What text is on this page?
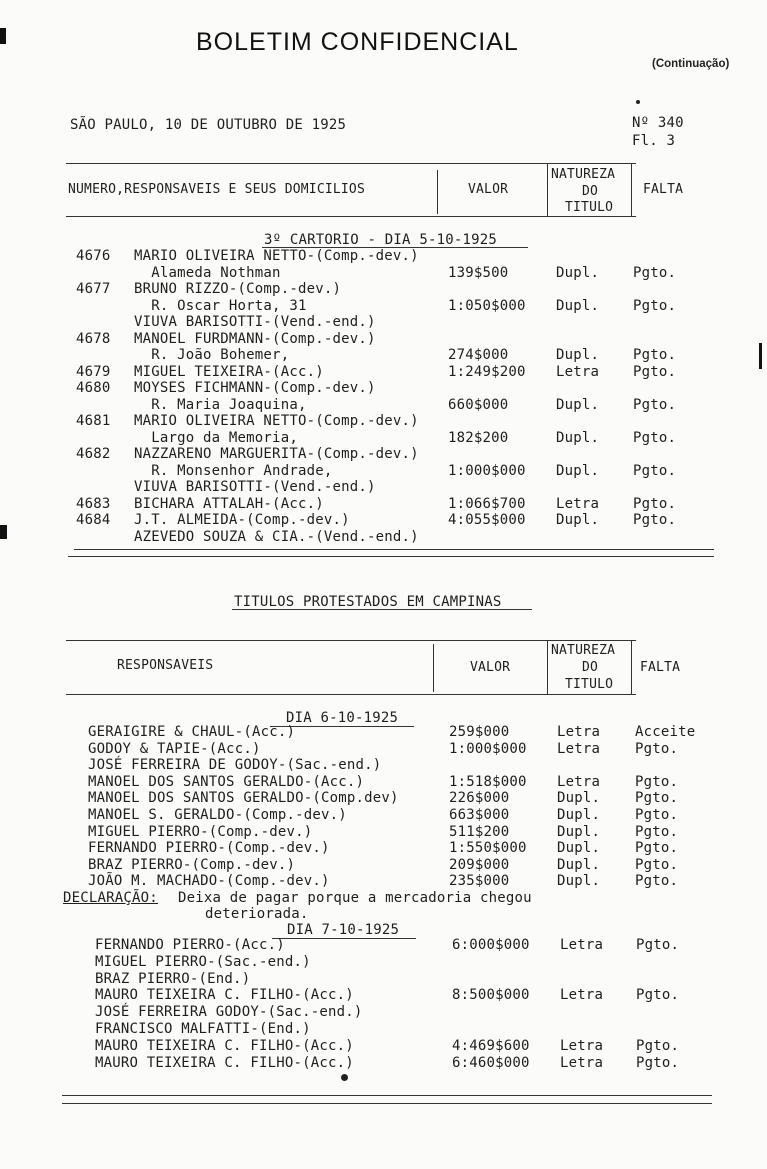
BOLETIM CONFIDENCIAL
(Continuação)
SÃO PAULO, 10 DE OUTUBRO DE 1925	Nº 340
Fl. 3
NUMERO,RESPONSAVEIS E SEUS DOMICILIOS	VALOR
NATUREZA
DO
TITULO
FALTA
3º CARTORIO - DIA 5-10-1925
4676 MARIO OLIVEIRA NETTO-(Comp.-dev.)
Alameda Nothman	139$500	Dupl. Pgto.
4677 BRUNO RIZZO-(Comp.-dev.)
R. Oscar Horta, 31	1:050$000 Dupl. Pgto.
VIUVA BARISOTTI-(Vend.-end.)
4678 MANOEL FURDMANN-(Comp.-dev.)
R. João Bohemer,	274$000	Dupl. Pgto.
4679 MIGUEL TEIXEIRA-(Acc.)	1:249$200 Letra Pgto.
4680 MOYSES FICHMANN-(Comp.-dev.)
R. Maria Joaquina,	660$000	Dupl. Pgto.
4681 MARIO OLIVEIRA NETTO-(Comp.-dev.)
Largo da Memoria,	182$200	Dupl. Pgto.
4682 NAZZARENO MARGUERITA-(Comp.-dev.)
R. Monsenhor Andrade,	1:000$000 Dupl. Pgto.
VIUVA BARISOTTI-(Vend.-end.)
4683 BICHARA ATTALAH-(Acc.)	1:066$700 Letra Pgto.
4684 J.T. ALMEIDA-(Comp.-dev.)	4:055$000 Dupl. Pgto.
AZEVEDO SOUZA & CIA.-(Vend.-end.)
TITULOS PROTESTADOS EM CAMPINAS
RESPONSAVEIS	VALOR
NATUREZA
DO
TITULO
FALTA
DIA 6-10-1925
GERAIGIRE & CHAUL-(Acc.)	259$000	Letra Acceite
GODOY & TAPIE-(Acc.)	1:000$000 Letra Pgto.
JOSÉ FERREIRA DE GODOY-(Sac.-end.)
MANOEL DOS SANTOS GERALDO-(Acc.)	1:518$000 Letra Pgto.
MANOEL DOS SANTOS GERALDO-(Comp.dev)	226$000	Dupl. Pgto.
MANOEL S. GERALDO-(Comp.-dev.)	663$000	Dupl. Pgto.
MIGUEL PIERRO-(Comp.-dev.)	511$200	Dupl. Pgto.
FERNANDO PIERRO-(Comp.-dev.)	1:550$000 Dupl. Pgto.
BRAZ PIERRO-(Comp.-dev.)	209$000	Dupl. Pgto.
JOÃO M. MACHADO-(Comp.-dev.)	235$000	Dupl. Pgto.
DECLARAÇÃO: Deixa de pagar porque a mercadoria chegou
deteriorada.
DIA 7-10-1925
FERNANDO PIERRO-(Acc.)	6:000$000 Letra Pgto.
MIGUEL PIERRO-(Sac.-end.)
BRAZ PIERRO-(End.)
MAURO TEIXEIRA C. FILHO-(Acc.)	8:500$000 Letra Pgto.
JOSÉ FERREIRA GODOY-(Sac.-end.)
FRANCISCO MALFATTI-(End.)
MAURO TEIXEIRA C. FILHO-(Acc.)	4:469$600 Letra Pgto.
MAURO TEIXEIRA C. FILHO-(Acc.)	6:460$000 Letra Pgto.
